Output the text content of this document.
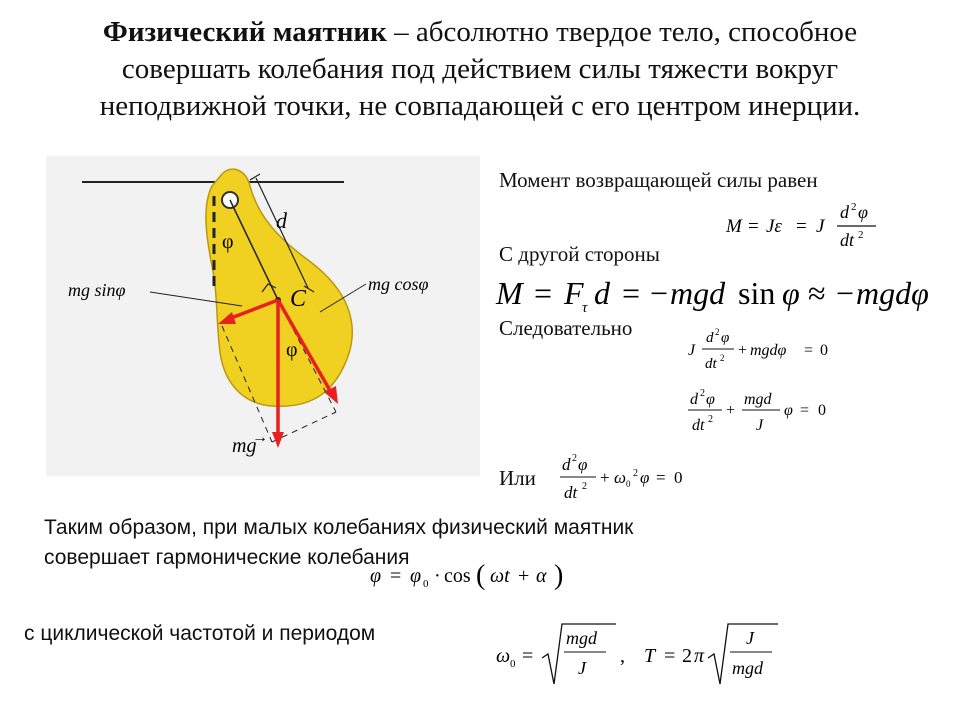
Физический маятник – абсолютно твердое тело, способное
совершать колебания под действием силы тяжести вокруг
неподвижной точки, не совпадающей с его центром инерции.
d
φ
C
φ
mg sinφ	mg cosφ
mg
→
Момент возвращающей силы равен
M = Jε = J
d 2 φ
dt 2
С другой стороны
M = F
τ d = − mgd sin φ ≈ − mgdφ
Следовательно
J
d 2 φ
dt 2 + mgdφ = 0
d 2 φ
dt 2
+
mgd
J
φ = 0
Или
d 2 φ
dt 2 + ω 0
2 φ = 0
Таким образом, при малых колебаниях физический маятник
совершает гармонические колебания
φ = φ 0 · cos ( ωt + α )
с циклической частотой и периодом
ω 0 =
mgd
J
, T = 2 π
J
mgd
